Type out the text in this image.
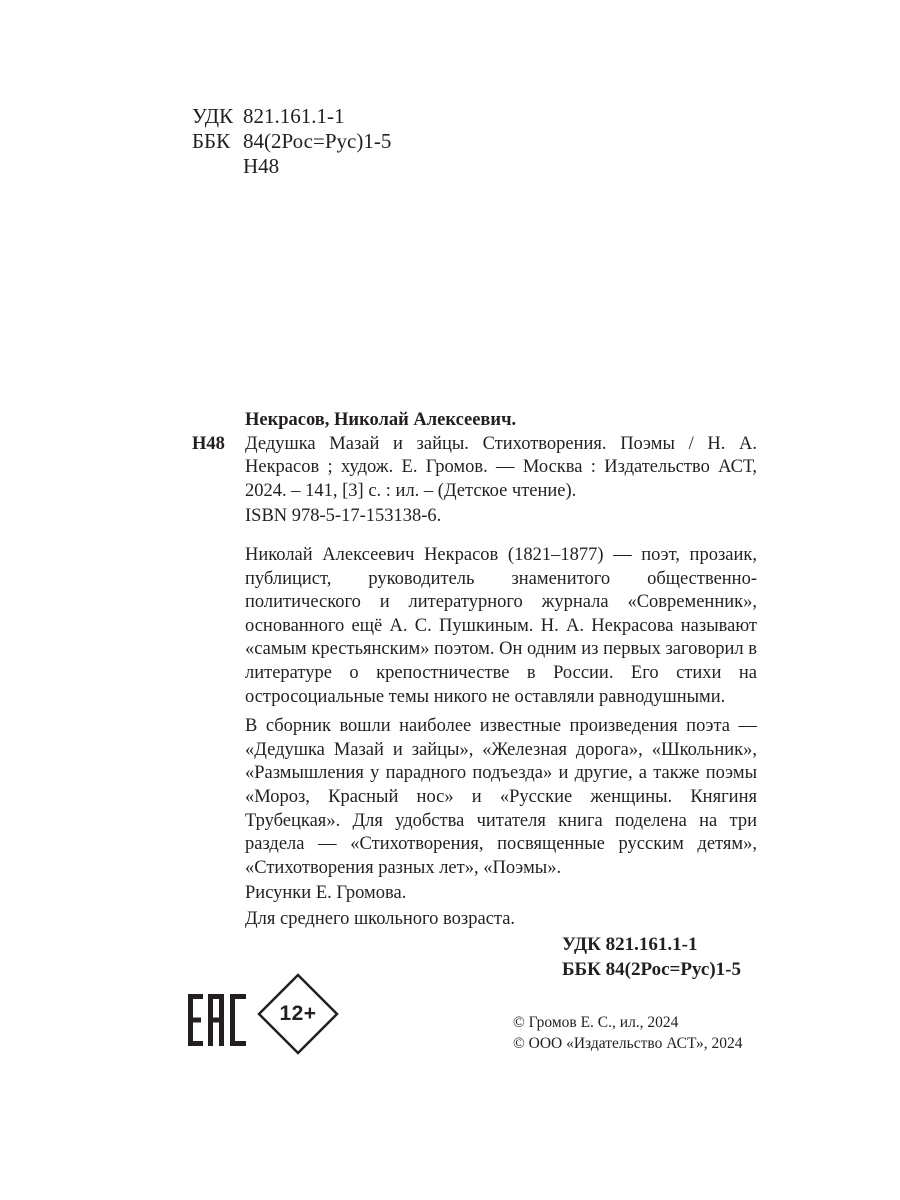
УДК 821.161.1-1
ББК 84(2Рос=Рус)1-5
Н48
Некрасов, Николай Алексеевич.
Н48 Дедушка Мазай и зайцы. Стихотворения. Поэмы / Н. А. Некрасов ; худож. Е. Громов. — Москва : Издательство АСТ, 2024. – 141, [3] с. : ил. – (Детское чтение).
ISBN 978-5-17-153138-6.

Николай Алексеевич Некрасов (1821–1877) — поэт, прозаик, публицист, руководитель знаменитого общественно-политического и литературного журнала «Современник», основанного ещё А. С. Пушкиным. Н. А. Некрасова называют «самым крестьянским» поэтом. Он одним из первых заговорил в литературе о крепостничестве в России. Его стихи на остросоциальные темы никого не оставляли равнодушными.

В сборник вошли наиболее известные произведения поэта — «Дедушка Мазай и зайцы», «Железная дорога», «Школьник», «Размышления у парадного подъезда» и другие, а также поэмы «Мороз, Красный нос» и «Русские женщины. Княгиня Трубецкая». Для удобства читателя книга поделена на три раздела — «Стихотворения, посвященные русским детям», «Стихотворения разных лет», «Поэмы».

Рисунки Е. Громова.

Для среднего школьного возраста.

УДК 821.161.1-1
ББК 84(2Рос=Рус)1-5
12+	© Громов Е. С., ил., 2024
© ООО «Издательство АСТ», 2024
